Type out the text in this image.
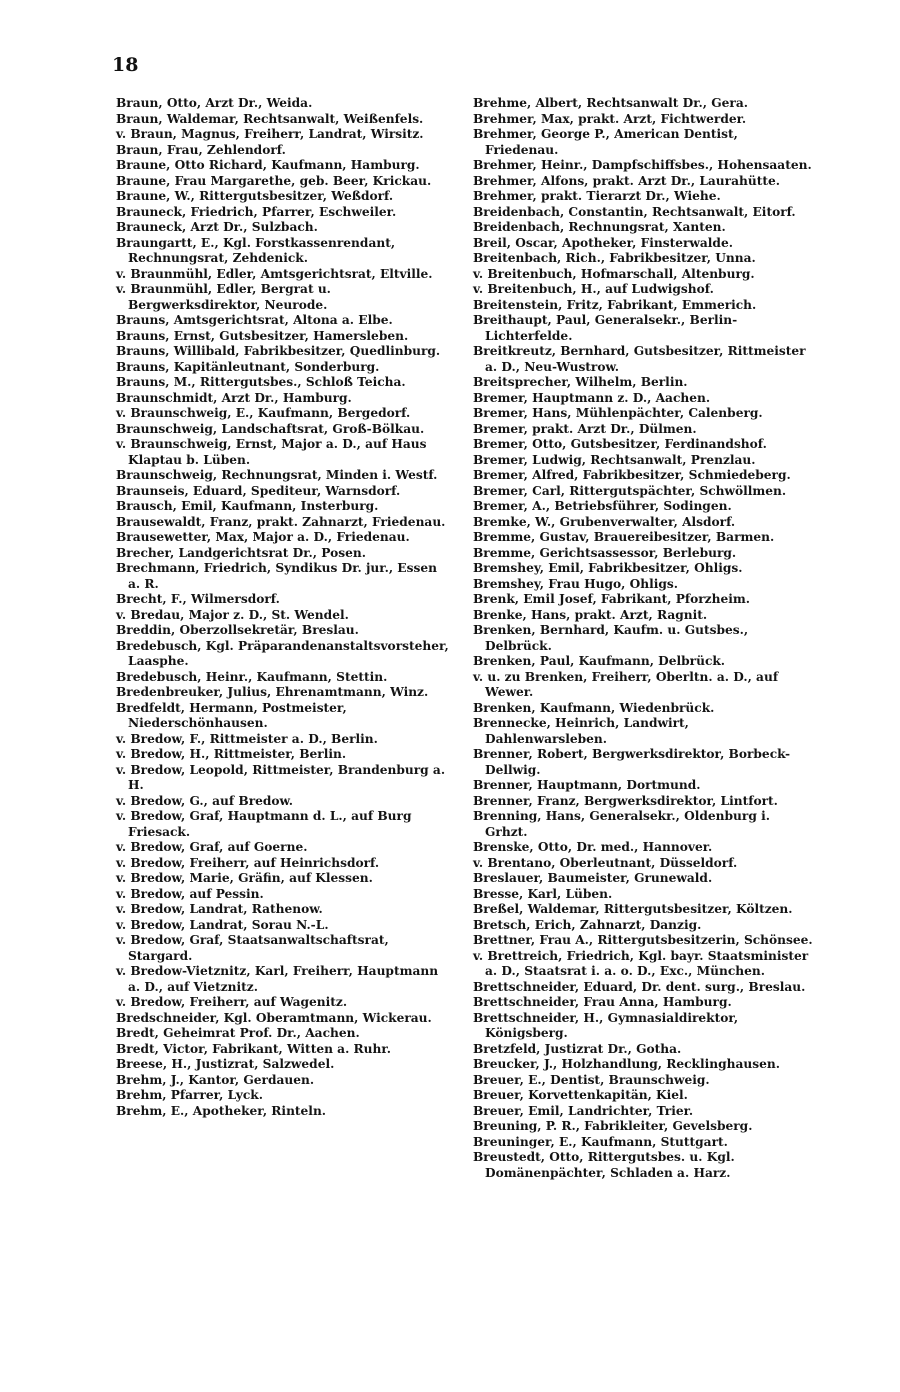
18
Braun, Otto, Arzt Dr., Weida.
Braun, Waldemar, Rechtsanwalt, Weißenfels.
v. Braun, Magnus, Freiherr, Landrat, Wirsitz.
Braun, Frau, Zehlendorf.
Braune, Otto Richard, Kaufmann, Hamburg.
Braune, Frau Margarethe, geb. Beer, Krickau.
Braune, W., Rittergutsbesitzer, Weßdorf.
Brauneck, Friedrich, Pfarrer, Eschweiler.
Brauneck, Arzt Dr., Sulzbach.
Braungartt, E., Kgl. Forstkassenrendant, Rechnungsrat, Zehdenick.
v. Braunmühl, Edler, Amtsgerichtsrat, Eltville.
v. Braunmühl, Edler, Bergrat u. Bergwerksdirektor, Neurode.
Brauns, Amtsgerichtsrat, Altona a. Elbe.
Brauns, Ernst, Gutsbesitzer, Hamersleben.
Brauns, Willibald, Fabrikbesitzer, Quedlinburg.
Brauns, Kapitänleutnant, Sonderburg.
Brauns, M., Rittergutsbes., Schloß Teicha.
Braunschmidt, Arzt Dr., Hamburg.
v. Braunschweig, E., Kaufmann, Bergedorf.
Braunschweig, Landschaftsrat, Groß-Bölkau.
v. Braunschweig, Ernst, Major a. D., auf Haus Klaptau b. Lüben.
Braunschweig, Rechnungsrat, Minden i. Westf.
Braunseis, Eduard, Spediteur, Warnsdorf.
Brausch, Emil, Kaufmann, Insterburg.
Brausewaldt, Franz, prakt. Zahnarzt, Friedenau.
Brausewetter, Max, Major a. D., Friedenau.
Brecher, Landgerichtsrat Dr., Posen.
Brechmann, Friedrich, Syndikus Dr. jur., Essen a. R.
Brecht, F., Wilmersdorf.
v. Bredau, Major z. D., St. Wendel.
Breddin, Oberzollsekretär, Breslau.
Bredebusch, Kgl. Präparandenanstaltsvorsteher, Laasphe.
Bredebusch, Heinr., Kaufmann, Stettin.
Bredenbreuker, Julius, Ehrenamtmann, Winz.
Bredfeldt, Hermann, Postmeister, Niederschönhausen.
v. Bredow, F., Rittmeister a. D., Berlin.
v. Bredow, H., Rittmeister, Berlin.
v. Bredow, Leopold, Rittmeister, Brandenburg a. H.
v. Bredow, G., auf Bredow.
v. Bredow, Graf, Hauptmann d. L., auf Burg Friesack.
v. Bredow, Graf, auf Goerne.
v. Bredow, Freiherr, auf Heinrichsdorf.
v. Bredow, Marie, Gräfin, auf Klessen.
v. Bredow, auf Pessin.
v. Bredow, Landrat, Rathenow.
v. Bredow, Landrat, Sorau N.-L.
v. Bredow, Graf, Staatsanwaltschaftsrat, Stargard.
v. Bredow-Vietznitz, Karl, Freiherr, Hauptmann a. D., auf Vietznitz.
v. Bredow, Freiherr, auf Wagenitz.
Bredschneider, Kgl. Oberamtmann, Wickerau.
Bredt, Geheimrat Prof. Dr., Aachen.
Bredt, Victor, Fabrikant, Witten a. Ruhr.
Breese, H., Justizrat, Salzwedel.
Brehm, J., Kantor, Gerdauen.
Brehm, Pfarrer, Lyck.
Brehm, E., Apotheker, Rinteln.
Brehme, Albert, Rechtsanwalt Dr., Gera.
Brehmer, Max, prakt. Arzt, Fichtwerder.
Brehmer, George P., American Dentist, Friedenau.
Brehmer, Heinr., Dampfschiffsbes., Hohensaaten.
Brehmer, Alfons, prakt. Arzt Dr., Laurahütte.
Brehmer, prakt. Tierarzt Dr., Wiehe.
Breidenbach, Constantin, Rechtsanwalt, Eitorf.
Breidenbach, Rechnungsrat, Xanten.
Breil, Oscar, Apotheker, Finsterwalde.
Breitenbach, Rich., Fabrikbesitzer, Unna.
v. Breitenbuch, Hofmarschall, Altenburg.
v. Breitenbuch, H., auf Ludwigshof.
Breitenstein, Fritz, Fabrikant, Emmerich.
Breithaupt, Paul, Generalsekr., Berlin-Lichterfelde.
Breitkreutz, Bernhard, Gutsbesitzer, Rittmeister a. D., Neu-Wustrow.
Breitsprecher, Wilhelm, Berlin.
Bremer, Hauptmann z. D., Aachen.
Bremer, Hans, Mühlenpächter, Calenberg.
Bremer, prakt. Arzt Dr., Dülmen.
Bremer, Otto, Gutsbesitzer, Ferdinandshof.
Bremer, Ludwig, Rechtsanwalt, Prenzlau.
Bremer, Alfred, Fabrikbesitzer, Schmiedeberg.
Bremer, Carl, Rittergutspächter, Schwöllmen.
Bremer, A., Betriebsführer, Sodingen.
Bremke, W., Grubenverwalter, Alsdorf.
Bremme, Gustav, Brauereibesitzer, Barmen.
Bremme, Gerichtsassessor, Berleburg.
Bremshey, Emil, Fabrikbesitzer, Ohligs.
Bremshey, Frau Hugo, Ohligs.
Brenk, Emil Josef, Fabrikant, Pforzheim.
Brenke, Hans, prakt. Arzt, Ragnit.
Brenken, Bernhard, Kaufm. u. Gutsbes., Delbrück.
Brenken, Paul, Kaufmann, Delbrück.
v. u. zu Brenken, Freiherr, Oberltn. a. D., auf Wewer.
Brenken, Kaufmann, Wiedenbrück.
Brennecke, Heinrich, Landwirt, Dahlenwarsleben.
Brenner, Robert, Bergwerksdirektor, Borbeck-Dellwig.
Brenner, Hauptmann, Dortmund.
Brenner, Franz, Bergwerksdirektor, Lintfort.
Brenning, Hans, Generalsekr., Oldenburg i. Grhzt.
Brenske, Otto, Dr. med., Hannover.
v. Brentano, Oberleutnant, Düsseldorf.
Breslauer, Baumeister, Grunewald.
Bresse, Karl, Lüben.
Breßel, Waldemar, Rittergutsbesitzer, Költzen.
Bretsch, Erich, Zahnarzt, Danzig.
Brettner, Frau A., Rittergutsbesitzerin, Schönsee.
v. Brettreich, Friedrich, Kgl. bayr. Staatsminister a. D., Staatsrat i. a. o. D., Exc., München.
Brettschneider, Eduard, Dr. dent. surg., Breslau.
Brettschneider, Frau Anna, Hamburg.
Brettschneider, H., Gymnasialdirektor, Königsberg.
Bretzfeld, Justizrat Dr., Gotha.
Breucker, J., Holzhandlung, Recklinghausen.
Breuer, E., Dentist, Braunschweig.
Breuer, Korvettenkapitän, Kiel.
Breuer, Emil, Landrichter, Trier.
Breuning, P. R., Fabrikleiter, Gevelsberg.
Breuninger, E., Kaufmann, Stuttgart.
Breustedt, Otto, Rittergutsbes. u. Kgl. Domänenpächter, Schladen a. Harz.
